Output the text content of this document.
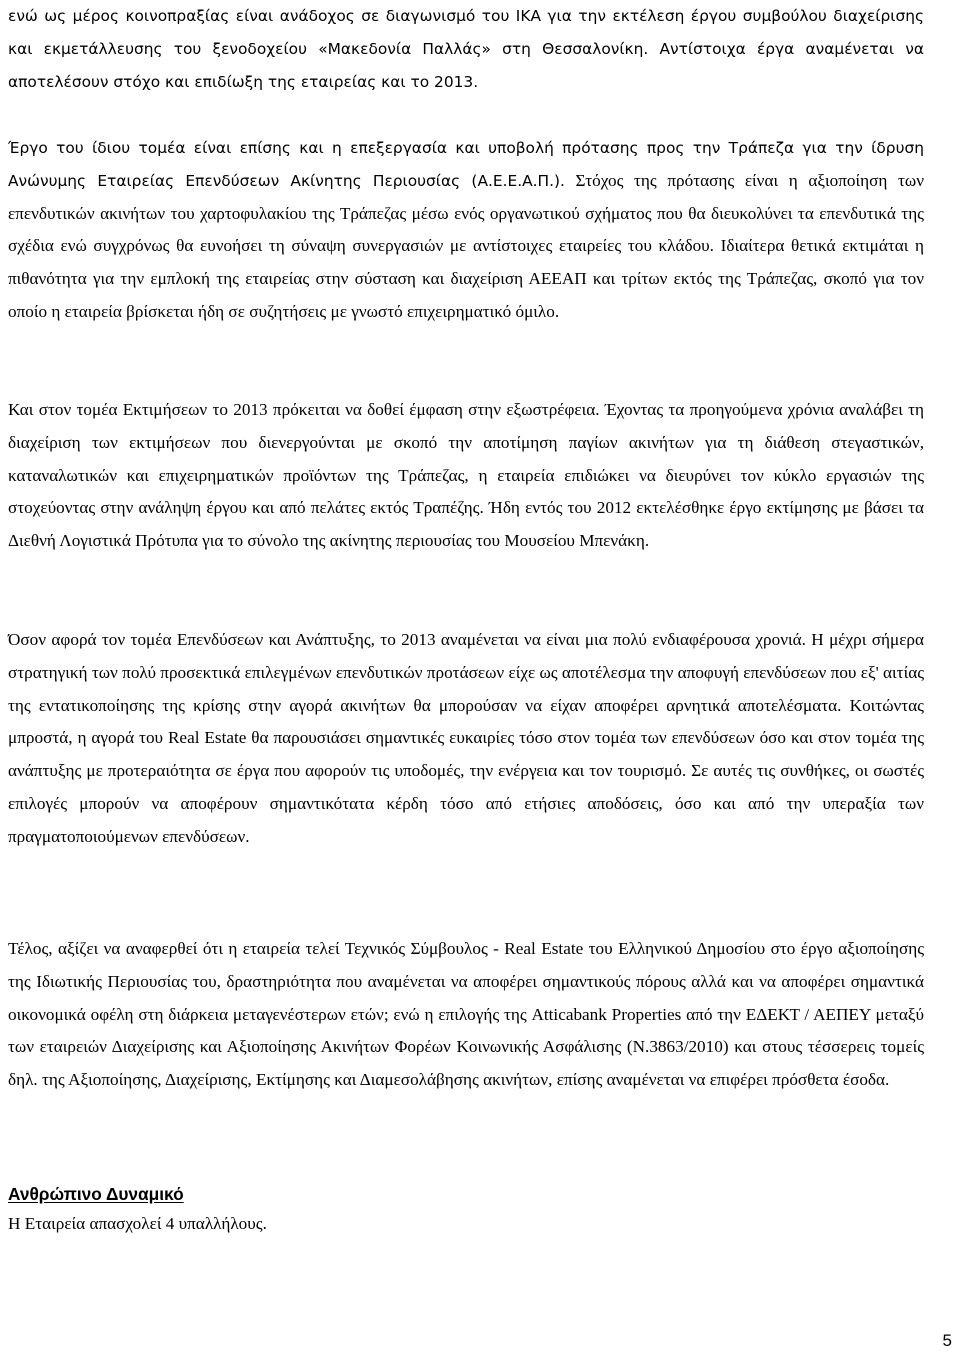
ενώ ως μέρος κοινοπραξίας είναι ανάδοχος σε διαγωνισμό του ΙΚΑ για την εκτέλεση έργου συμβούλου διαχείρισης και εκμετάλλευσης του ξενοδοχείου «Μακεδονία Παλλάς» στη Θεσσαλονίκη. Αντίστοιχα έργα αναμένεται να αποτελέσουν στόχο και επιδίωξη της εταιρείας και το 2013.

Έργο του ίδιου τομέα είναι επίσης και η επεξεργασία και υποβολή πρότασης προς την Τράπεζα για την ίδρυση Ανώνυμης Εταιρείας Επενδύσεων Ακίνητης Περιουσίας (Α.Ε.Ε.Α.Π.). Στόχος της πρότασης είναι η αξιοποίηση των επενδυτικών ακινήτων του χαρτοφυλακίου της Τράπεζας μέσω ενός οργανωτικού σχήματος που θα διευκολύνει τα επενδυτικά της σχέδια ενώ συγχρόνως θα ευνοήσει τη σύναψη συνεργασιών με αντίστοιχες εταιρείες του κλάδου. Ιδιαίτερα θετικά εκτιμάται η πιθανότητα για την εμπλοκή της εταιρείας στην σύσταση και διαχείριση ΑΕΕΑΠ και τρίτων εκτός της Τράπεζας, σκοπό για τον οποίο η εταιρεία βρίσκεται ήδη σε συζητήσεις με γνωστό επιχειρηματικό όμιλο.

Και στον τομέα Εκτιμήσεων το 2013 πρόκειται να δοθεί έμφαση στην εξωστρέφεια. Έχοντας τα προηγούμενα χρόνια αναλάβει τη διαχείριση των εκτιμήσεων που διενεργούνται με σκοπό την αποτίμηση παγίων ακινήτων για τη διάθεση στεγαστικών, καταναλωτικών και επιχειρηματικών προϊόντων της Τράπεζας, η εταιρεία επιδιώκει να διευρύνει τον κύκλο εργασιών της στοχεύοντας στην ανάληψη έργου και από πελάτες εκτός Τραπέζης. Ήδη εντός του 2012 εκτελέσθηκε έργο εκτίμησης με βάσει τα Διεθνή Λογιστικά Πρότυπα για το σύνολο της ακίνητης περιουσίας του Μουσείου Μπενάκη.

Όσον αφορά τον τομέα Επενδύσεων και Ανάπτυξης, το 2013 αναμένεται να είναι μια πολύ ενδιαφέρουσα χρονιά. Η μέχρι σήμερα στρατηγική των πολύ προσεκτικά επιλεγμένων επενδυτικών προτάσεων είχε ως αποτέλεσμα την αποφυγή επενδύσεων που εξ' αιτίας της εντατικοποίησης της κρίσης στην αγορά ακινήτων θα μπορούσαν να είχαν αποφέρει αρνητικά αποτελέσματα. Κοιτώντας μπροστά, η αγορά του Real Estate θα παρουσιάσει σημαντικές ευκαιρίες τόσο στον τομέα των επενδύσεων όσο και στον τομέα της ανάπτυξης με προτεραιότητα σε έργα που αφορούν τις υποδομές, την ενέργεια και τον τουρισμό. Σε αυτές τις συνθήκες, οι σωστές επιλογές μπορούν να αποφέρουν σημαντικότατα κέρδη τόσο από ετήσιες αποδόσεις, όσο και από την υπεραξία των πραγματοποιούμενων επενδύσεων.

Τέλος, αξίζει να αναφερθεί ότι η εταιρεία τελεί Τεχνικός Σύμβουλος - Real Estate του Ελληνικού Δημοσίου στο έργο αξιοποίησης της Ιδιωτικής Περιουσίας του, δραστηριότητα που αναμένεται να αποφέρει σημαντικούς πόρους αλλά και να αποφέρει σημαντικά οικονομικά οφέλη στη διάρκεια μεταγενέστερων ετών; ενώ η επιλογής της Atticabank Properties από την ΕΔΕΚΤ / ΑΕΠΕΥ μεταξύ των εταιρειών Διαχείρισης και Αξιοποίησης Ακινήτων Φορέων Κοινωνικής Ασφάλισης (Ν.3863/2010) και στους τέσσερεις τομείς δηλ. της Αξιοποίησης, Διαχείρισης, Εκτίμησης και Διαμεσολάβησης ακινήτων, επίσης αναμένεται να επιφέρει πρόσθετα έσοδα.

Ανθρώπινο Δυναμικό
Η Εταιρεία απασχολεί 4 υπαλλήλους.
5
